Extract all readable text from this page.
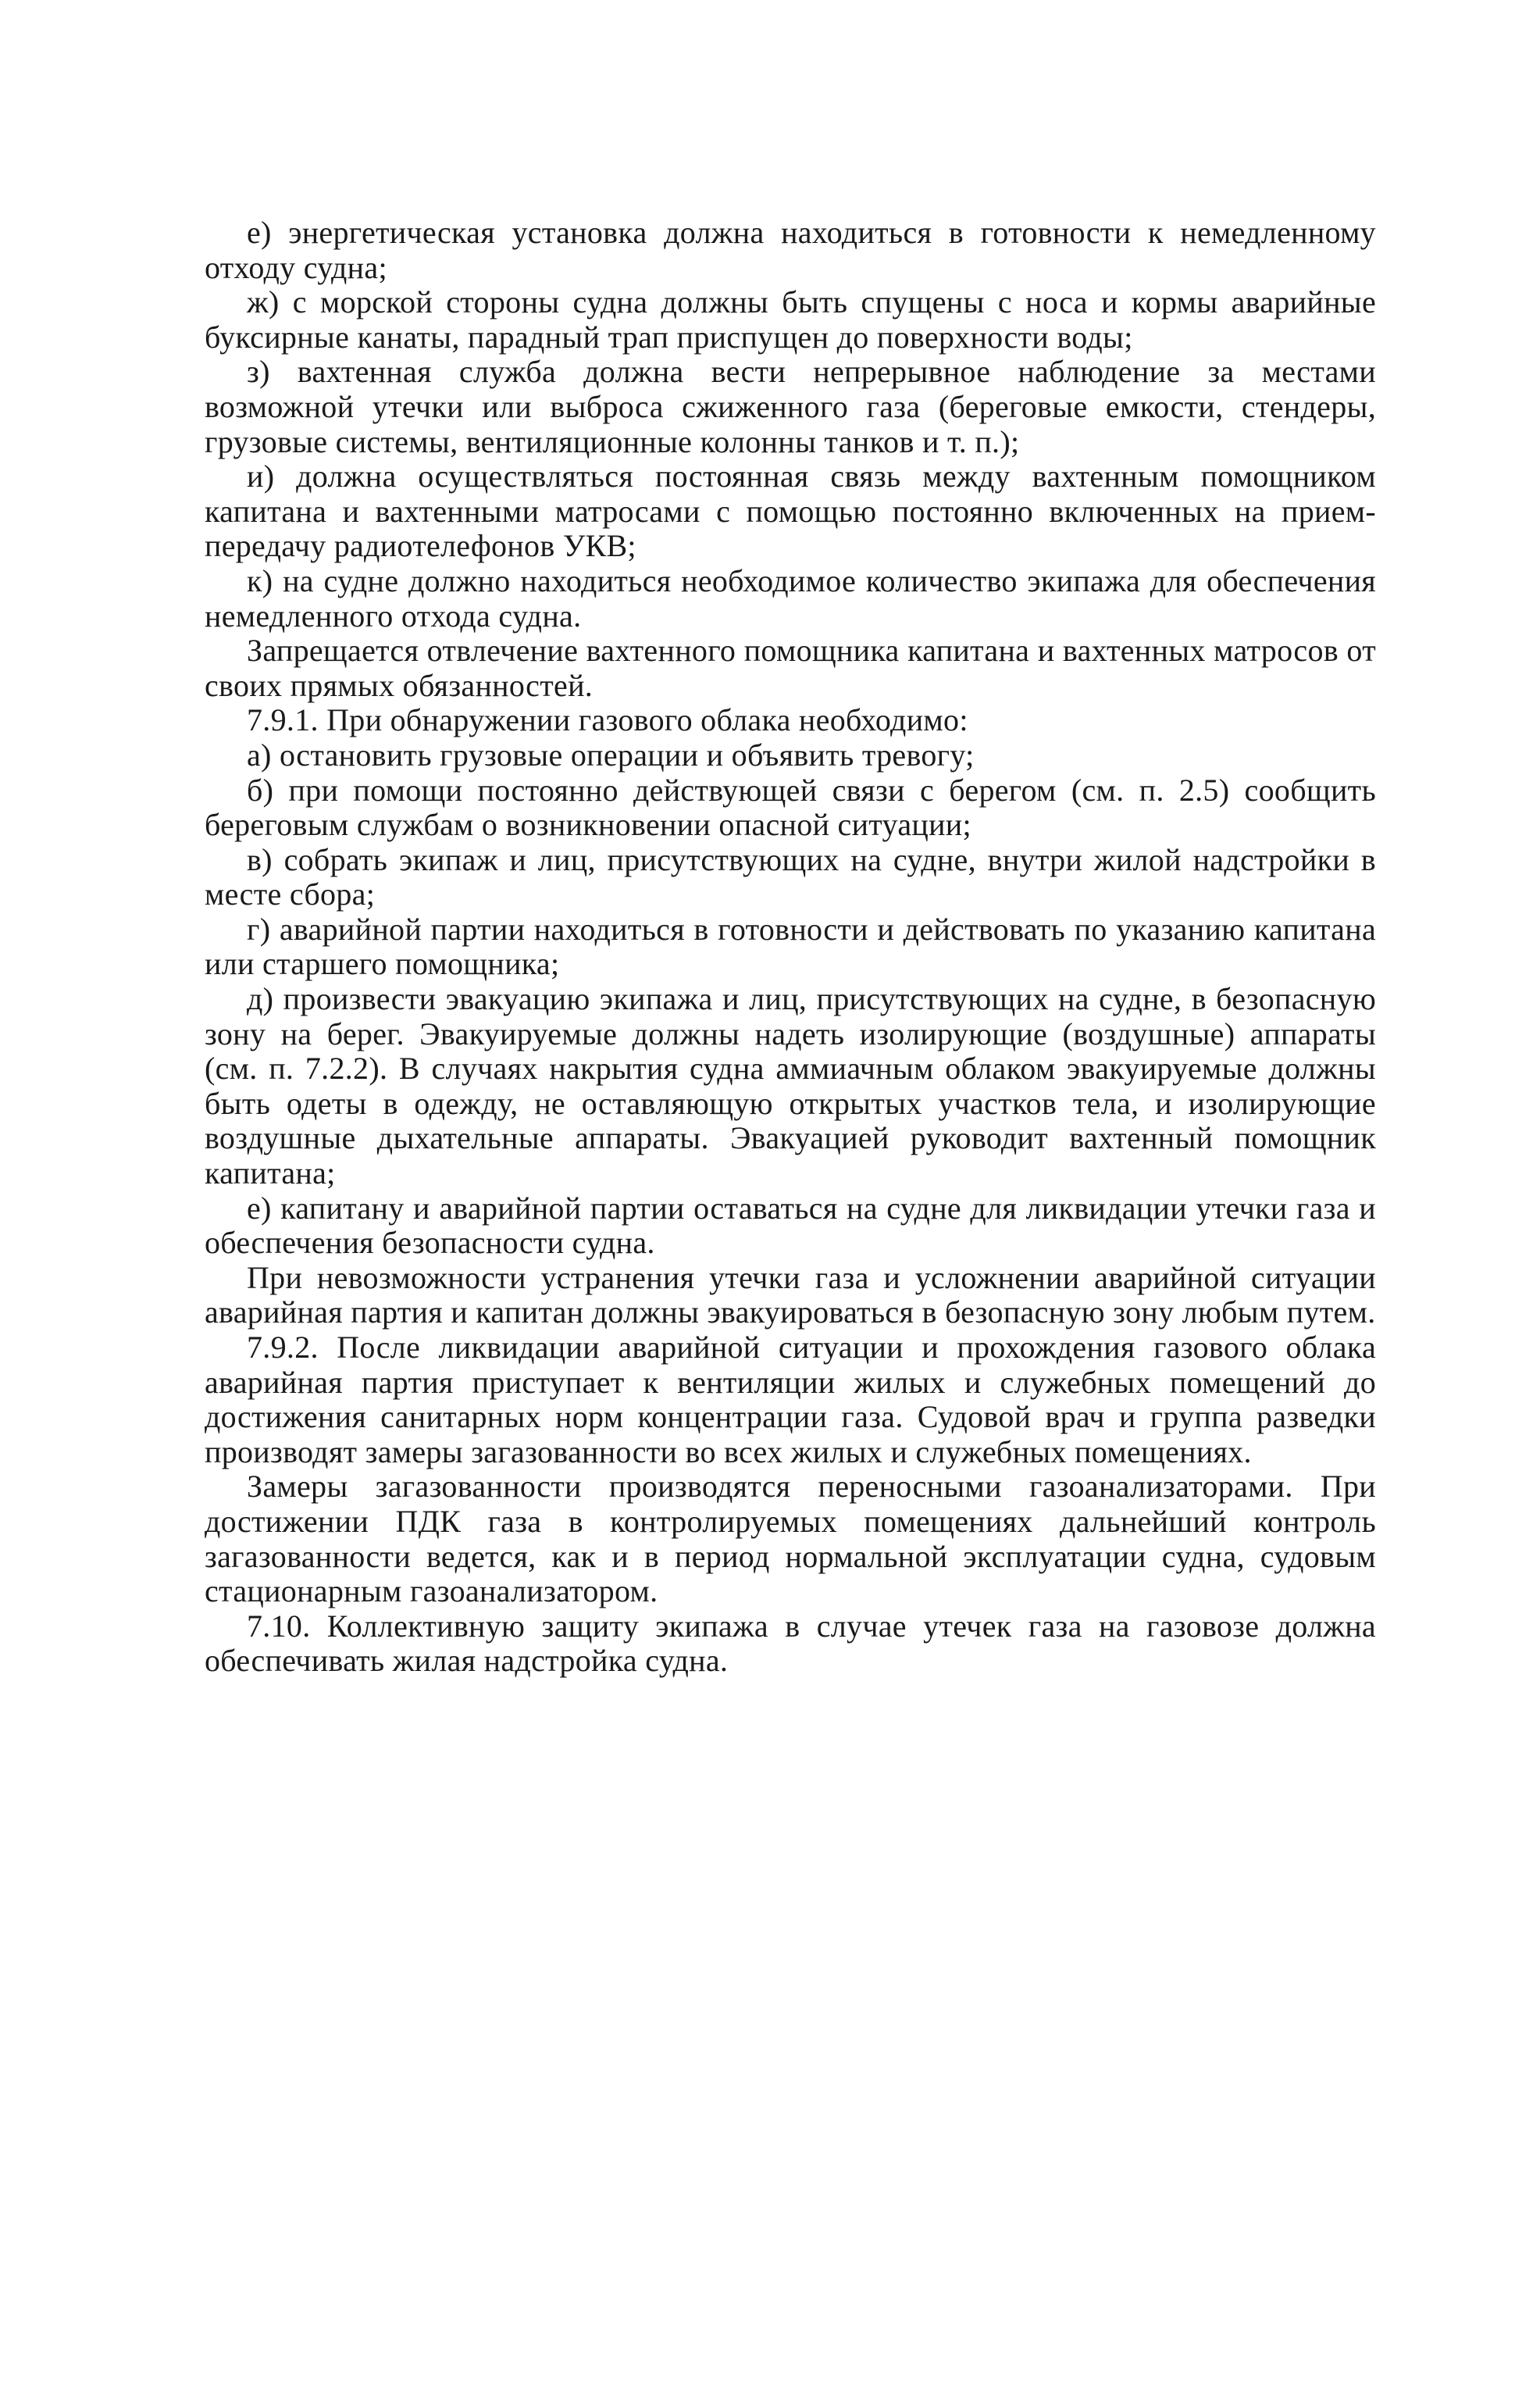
е) энергетическая установка должна находиться в готовности к немедленному отходу судна;

ж) с морской стороны судна должны быть спущены с носа и кормы аварийные буксирные канаты, парадный трап приспущен до поверхности воды;

з) вахтенная служба должна вести непрерывное наблюдение за местами возможной утечки или выброса сжиженного газа (береговые емкости, стендеры, грузовые системы, вентиляционные колонны танков и т. п.);

и) должна осуществляться постоянная связь между вахтенным помощником капитана и вахтенными матросами с помощью постоянно включенных на прием-передачу радиотелефонов УКВ;

к) на судне должно находиться необходимое количество экипажа для обеспечения немедленного отхода судна.

Запрещается отвлечение вахтенного помощника капитана и вахтенных матросов от своих прямых обязанностей.

7.9.1. При обнаружении газового облака необходимо:

а) остановить грузовые операции и объявить тревогу;

б) при помощи постоянно действующей связи с берегом (см. п. 2.5) сообщить береговым службам о возникновении опасной ситуации;

в) собрать экипаж и лиц, присутствующих на судне, внутри жилой надстройки в месте сбора;

г) аварийной партии находиться в готовности и действовать по указанию капитана или старшего помощника;

д) произвести эвакуацию экипажа и лиц, присутствующих на судне, в безопасную зону на берег. Эвакуируемые должны надеть изолирующие (воздушные) аппараты (см. п. 7.2.2). В случаях накрытия судна аммиачным облаком эвакуируемые должны быть одеты в одежду, не оставляющую открытых участков тела, и изолирующие воздушные дыхательные аппараты. Эвакуацией руководит вахтенный помощник капитана;

е) капитану и аварийной партии оставаться на судне для ликвидации утечки газа и обеспечения безопасности судна.

При невозможности устранения утечки газа и усложнении аварийной ситуации аварийная партия и капитан должны эвакуироваться в безопасную зону любым путем.

7.9.2. После ликвидации аварийной ситуации и прохождения газового облака аварийная партия приступает к вентиляции жилых и служебных помещений до достижения санитарных норм концентрации газа. Судовой врач и группа разведки производят замеры загазованности во всех жилых и служебных помещениях.

Замеры загазованности производятся переносными газоанализаторами. При достижении ПДК газа в контролируемых помещениях дальнейший контроль загазованности ведется, как и в период нормальной эксплуатации судна, судовым стационарным газоанализатором.

7.10. Коллективную защиту экипажа в случае утечек газа на газовозе должна обеспечивать жилая надстройка судна.
